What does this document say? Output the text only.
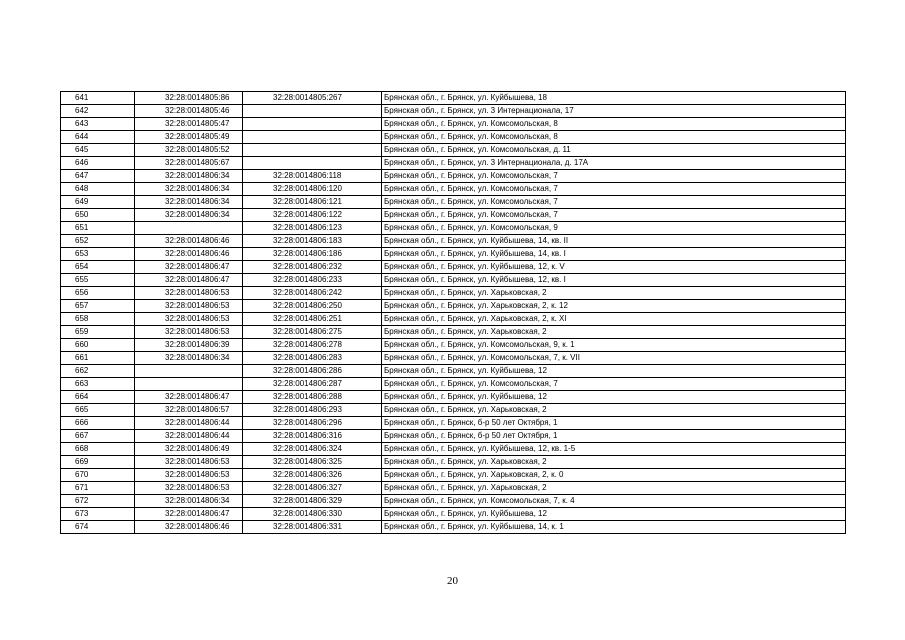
641	32:28:0014805:86	32:28:0014805:267	Брянская обл., г. Брянск, ул. Куйбышева, 18
642	32:28:0014805:46		Брянская обл., г. Брянск, ул. 3 Интернационала, 17
643	32:28:0014805:47		Брянская обл., г. Брянск, ул. Комсомольская, 8
644	32:28:0014805:49		Брянская обл., г. Брянск, ул. Комсомольская, 8
645	32:28:0014805:52		Брянская обл., г. Брянск, ул. Комсомольская, д. 11
646	32:28:0014805:67		Брянская обл., г. Брянск, ул. 3 Интернационала, д. 17А
647	32:28:0014806:34	32:28:0014806:118	Брянская обл., г. Брянск, ул. Комсомольская, 7
648	32:28:0014806:34	32:28:0014806:120	Брянская обл., г. Брянск, ул. Комсомольская, 7
649	32:28:0014806:34	32:28:0014806:121	Брянская обл., г. Брянск, ул. Комсомольская, 7
650	32:28:0014806:34	32:28:0014806:122	Брянская обл., г. Брянск, ул. Комсомольская, 7
651		32:28:0014806:123	Брянская обл., г. Брянск, ул. Комсомольская, 9
652	32:28:0014806:46	32:28:0014806:183	Брянская обл., г. Брянск, ул. Куйбышева, 14, кв. II
653	32:28:0014806:46	32:28:0014806:186	Брянская обл., г. Брянск, ул. Куйбышева, 14, кв. I
654	32:28:0014806:47	32:28:0014806:232	Брянская обл., г. Брянск, ул. Куйбышева, 12, к. V
655	32:28:0014806:47	32:28:0014806:233	Брянская обл., г. Брянск, ул. Куйбышева, 12, кв. I
656	32:28:0014806:53	32:28:0014806:242	Брянская обл., г. Брянск, ул. Харьковская, 2
657	32:28:0014806:53	32:28:0014806:250	Брянская обл., г. Брянск, ул. Харьковская, 2, к. 12
658	32:28:0014806:53	32:28:0014806:251	Брянская обл., г. Брянск, ул. Харьковская, 2, к. XI
659	32:28:0014806:53	32:28:0014806:275	Брянская обл., г. Брянск, ул. Харьковская, 2
660	32:28:0014806:39	32:28:0014806:278	Брянская обл., г. Брянск, ул. Комсомольская, 9, к. 1
661	32:28:0014806:34	32:28:0014806:283	Брянская обл., г. Брянск, ул. Комсомольская, 7, к. VII
662		32:28:0014806:286	Брянская обл., г. Брянск, ул. Куйбышева, 12
663		32:28:0014806:287	Брянская обл., г. Брянск, ул. Комсомольская, 7
664	32:28:0014806:47	32:28:0014806:288	Брянская обл., г. Брянск, ул. Куйбышева, 12
665	32:28:0014806:57	32:28:0014806:293	Брянская обл., г. Брянск, ул. Харьковская, 2
666	32:28:0014806:44	32:28:0014806:296	Брянская обл., г. Брянск, б-р 50 лет Октября, 1
667	32:28:0014806:44	32:28:0014806:316	Брянская обл., г. Брянск, б-р 50 лет Октября, 1
668	32:28:0014806:49	32:28:0014806:324	Брянская обл., г. Брянск, ул. Куйбышева, 12, кв. 1-5
669	32:28:0014806:53	32:28:0014806:325	Брянская обл., г. Брянск, ул. Харьковская, 2
670	32:28:0014806:53	32:28:0014806:326	Брянская обл., г. Брянск, ул. Харьковская, 2, к. 0
671	32:28:0014806:53	32:28:0014806:327	Брянская обл., г. Брянск, ул. Харьковская, 2
672	32:28:0014806:34	32:28:0014806:329	Брянская обл., г. Брянск, ул. Комсомольская, 7, к. 4
673	32:28:0014806:47	32:28:0014806:330	Брянская обл., г. Брянск, ул. Куйбышева, 12
674	32:28:0014806:46	32:28:0014806:331	Брянская обл., г. Брянск, ул. Куйбышева, 14, к. 1
20
